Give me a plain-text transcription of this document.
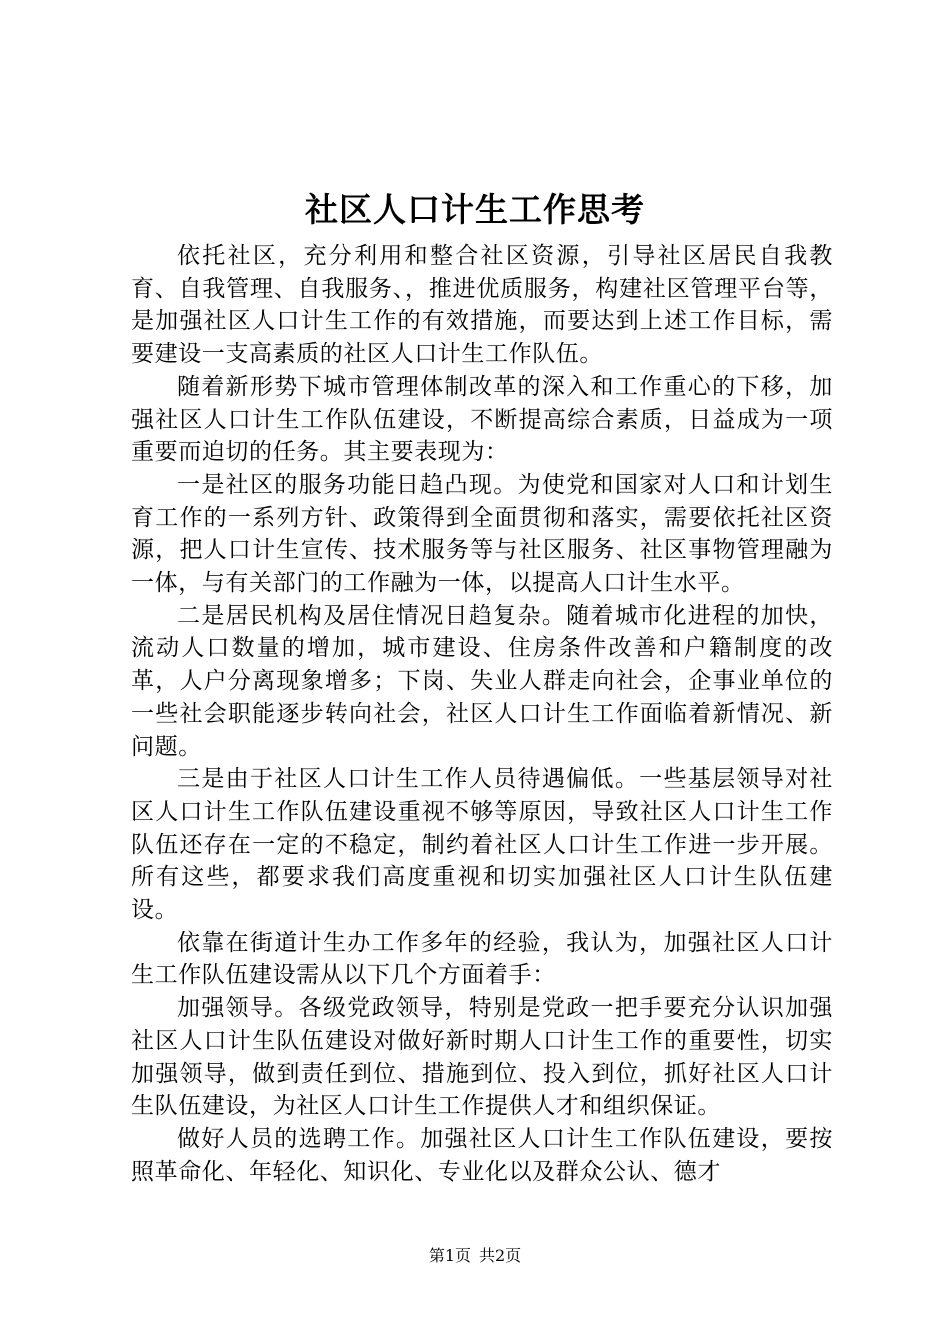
社区人口计生工作思考

依托社区，充分利用和整合社区资源，引导社区居民自我教育、自我管理、自我服务、，推进优质服务，构建社区管理平台等，是加强社区人口计生工作的有效措施，而要达到上述工作目标，需要建设一支高素质的社区人口计生工作队伍。

随着新形势下城市管理体制改革的深入和工作重心的下移，加强社区人口计生工作队伍建设，不断提高综合素质，日益成为一项重要而迫切的任务。其主要表现为：

一是社区的服务功能日趋凸现。为使党和国家对人口和计划生育工作的一系列方针、政策得到全面贯彻和落实，需要依托社区资源，把人口计生宣传、技术服务等与社区服务、社区事物管理融为一体，与有关部门的工作融为一体，以提高人口计生水平。

二是居民机构及居住情况日趋复杂。随着城市化进程的加快，流动人口数量的增加，城市建设、住房条件改善和户籍制度的改革，人户分离现象增多；下岗、失业人群走向社会，企事业单位的一些社会职能逐步转向社会，社区人口计生工作面临着新情况、新问题。

三是由于社区人口计生工作人员待遇偏低。一些基层领导对社区人口计生工作队伍建设重视不够等原因，导致社区人口计生工作队伍还存在一定的不稳定，制约着社区人口计生工作进一步开展。所有这些，都要求我们高度重视和切实加强社区人口计生队伍建设。

依靠在街道计生办工作多年的经验，我认为，加强社区人口计生工作队伍建设需从以下几个方面着手：

加强领导。各级党政领导，特别是党政一把手要充分认识加强社区人口计生队伍建设对做好新时期人口计生工作的重要性，切实加强领导，做到责任到位、措施到位、投入到位，抓好社区人口计生队伍建设，为社区人口计生工作提供人才和组织保证。

做好人员的选聘工作。加强社区人口计生工作队伍建设，要按照革命化、年轻化、知识化、专业化以及群众公认、德才

第1页 共2页
